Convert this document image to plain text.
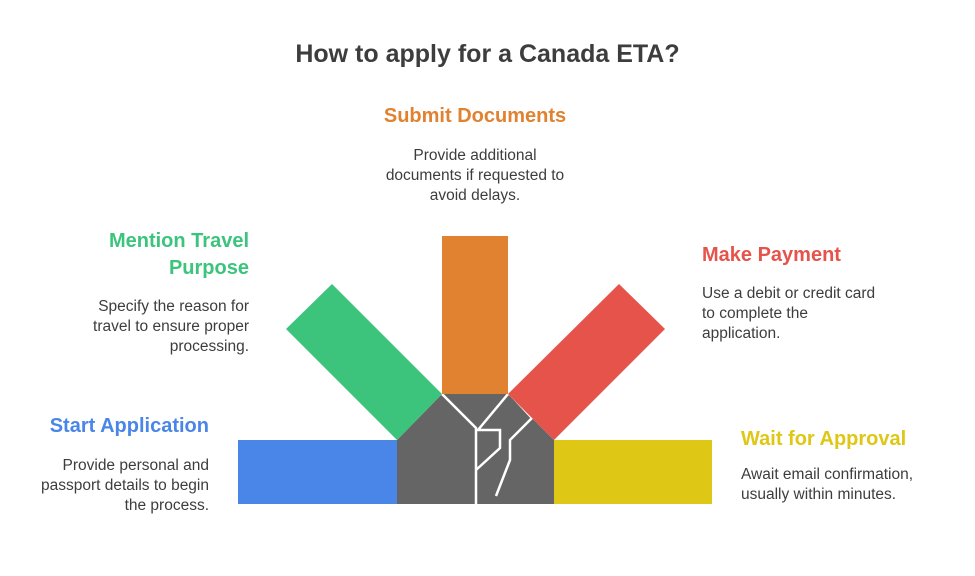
How to apply for a Canada ETA?
Submit Documents
Provide additional
documents if requested to
avoid delays.
Mention Travel
Purpose
Specify the reason for
travel to ensure proper
processing.
Start Application
Provide personal and
passport details to begin
the process.
Make Payment
Use a debit or credit card
to complete the
application.
Wait for Approval
Await email confirmation,
usually within minutes.
